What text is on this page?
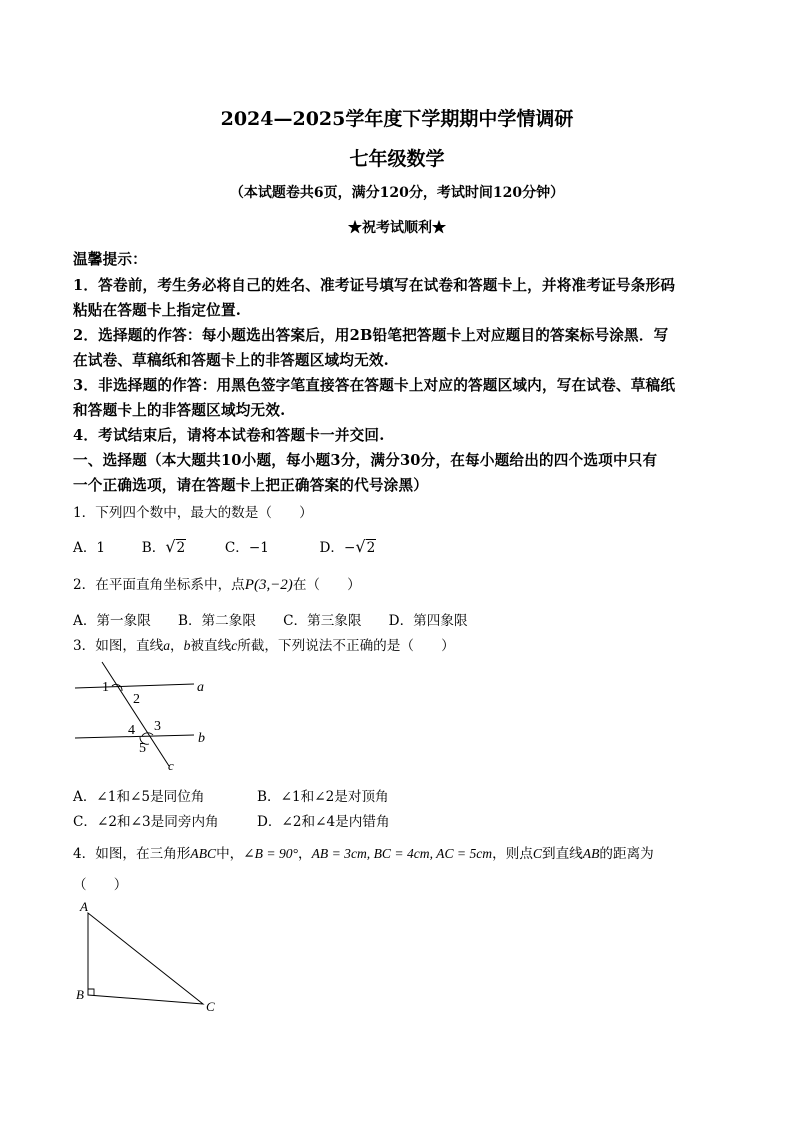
2024—2025学年度下学期期中学情调研
七年级数学
（本试题卷共6页，满分120分，考试时间120分钟）
★祝考试顺利★
温馨提示：
1．答卷前，考生务必将自己的姓名、准考证号填写在试卷和答题卡上，并将准考证号条形码
粘贴在答题卡上指定位置.
2．选择题的作答：每小题选出答案后，用2B铅笔把答题卡上对应题目的答案标号涂黑．写
在试卷、草稿纸和答题卡上的非答题区域均无效.
3．非选择题的作答：用黑色签字笔直接答在答题卡上对应的答题区域内，写在试卷、草稿纸
和答题卡上的非答题区域均无效.
4．考试结束后，请将本试卷和答题卡一并交回.
一、选择题（本大题共10小题，每小题3分，满分30分，在每小题给出的四个选项中只有
一个正确选项，请在答题卡上把正确答案的代号涂黑）
1．下列四个数中，最大的数是（　　）
A．1	B．√2	C．−1	D．−√2
2．在平面直角坐标系中，点P(3,−2)在（　　）
A．第一象限　　B．第二象限　　C．第三象限　　D．第四象限
3．如图，直线a，b被直线c所截，下列说法不正确的是（　　）
1
2
3
4
5
a
b
c
A．∠1和∠5是同位角	B．∠1和∠2是对顶角
C．∠2和∠3是同旁内角	D．∠2和∠4是内错角
4．如图，在三角形ABC中，∠B = 90°，AB = 3cm, BC = 4cm, AC = 5cm，则点C到直线AB的距离为
（　　）
A
B
C
